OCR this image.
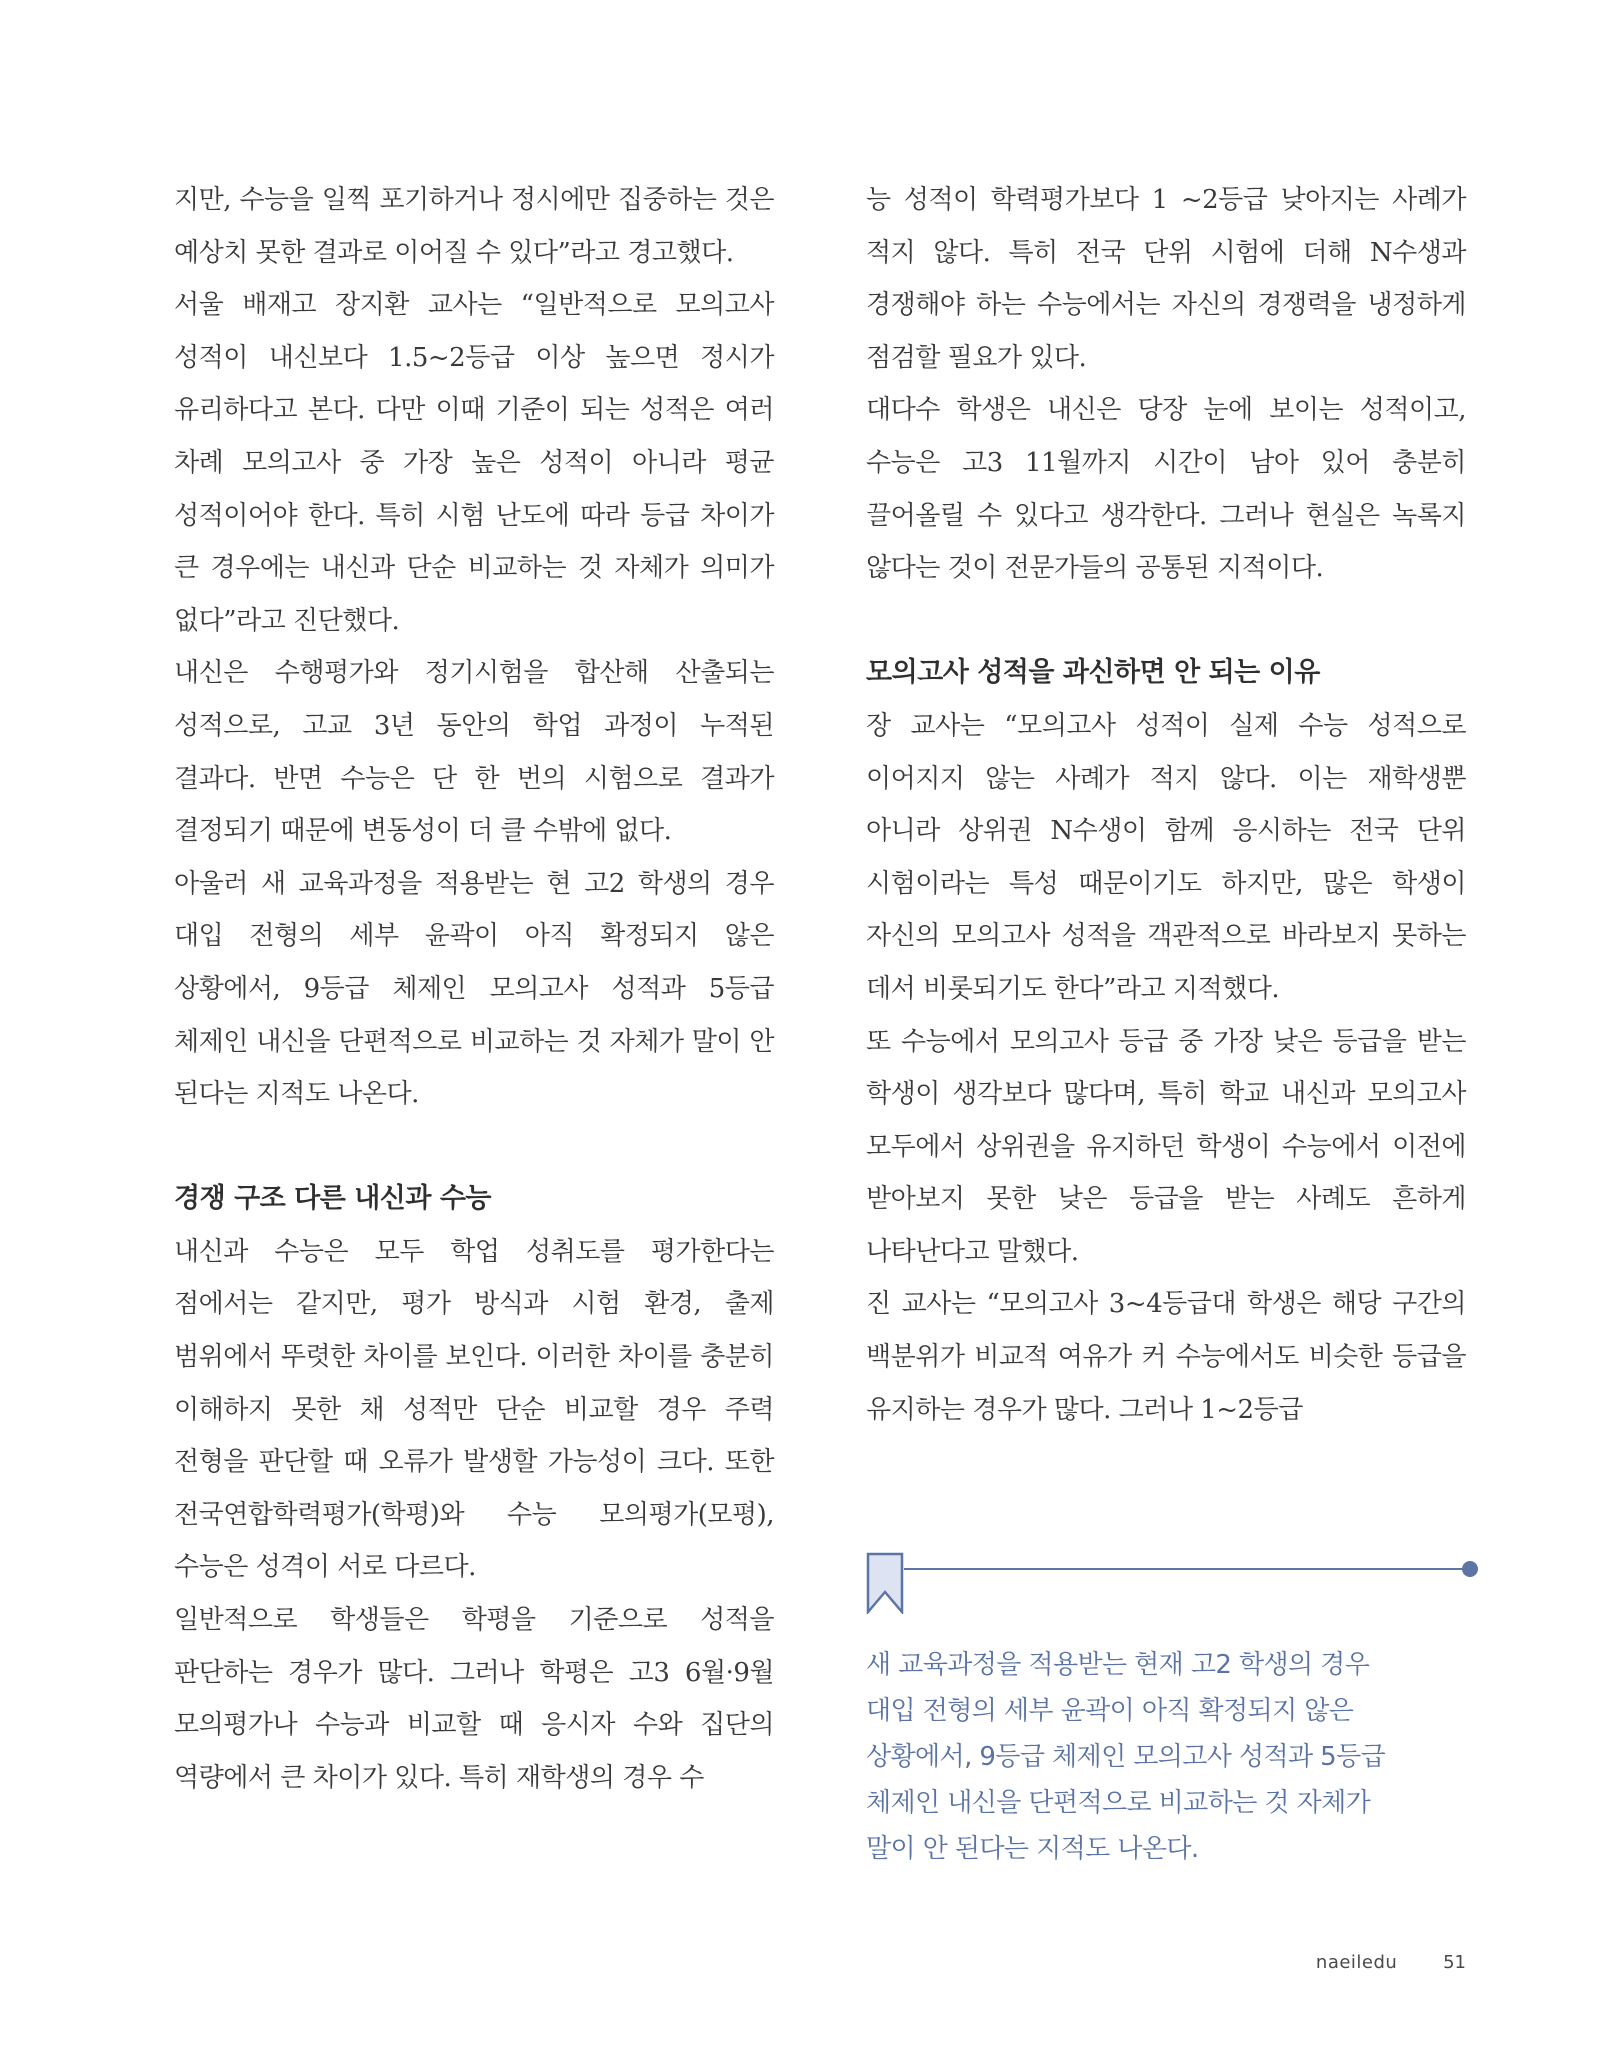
지만, 수능을 일찍 포기하거나 정시에만 집중하는 것은 예상치 못한 결과로 이어질 수 있다”라고 경고했다.

서울 배재고 장지환 교사는 “일반적으로 모의고사 성적이 내신보다 1.5~2등급 이상 높으면 정시가 유리하다고 본다. 다만 이때 기준이 되는 성적은 여러 차례 모의고사 중 가장 높은 성적이 아니라 평균 성적이어야 한다. 특히 시험 난도에 따라 등급 차이가 큰 경우에는 내신과 단순 비교하는 것 자체가 의미가 없다”라고 진단했다.

내신은 수행평가와 정기시험을 합산해 산출되는 성적으로, 고교 3년 동안의 학업 과정이 누적된 결과다. 반면 수능은 단 한 번의 시험으로 결과가 결정되기 때문에 변동성이 더 클 수밖에 없다.

아울러 새 교육과정을 적용받는 현 고2 학생의 경우 대입 전형의 세부 윤곽이 아직 확정되지 않은 상황에서, 9등급 체제인 모의고사 성적과 5등급 체제인 내신을 단편적으로 비교하는 것 자체가 말이 안 된다는 지적도 나온다.

경쟁 구조 다른 내신과 수능

내신과 수능은 모두 학업 성취도를 평가한다는 점에서는 같지만, 평가 방식과 시험 환경, 출제 범위에서 뚜렷한 차이를 보인다. 이러한 차이를 충분히 이해하지 못한 채 성적만 단순 비교할 경우 주력 전형을 판단할 때 오류가 발생할 가능성이 크다. 또한 전국연합학력평가(학평)와 수능 모의평가(모평), 수능은 성격이 서로 다르다.

일반적으로 학생들은 학평을 기준으로 성적을 판단하는 경우가 많다. 그러나 학평은 고3 6월·9월 모의평가나 수능과 비교할 때 응시자 수와 집단의 역량에서 큰 차이가 있다. 특히 재학생의 경우 수

능 성적이 학력평가보다 1 ~2등급 낮아지는 사례가 적지 않다. 특히 전국 단위 시험에 더해 N수생과 경쟁해야 하는 수능에서는 자신의 경쟁력을 냉정하게 점검할 필요가 있다.

대다수 학생은 내신은 당장 눈에 보이는 성적이고, 수능은 고3 11월까지 시간이 남아 있어 충분히 끌어올릴 수 있다고 생각한다. 그러나 현실은 녹록지 않다는 것이 전문가들의 공통된 지적이다.

모의고사 성적을 과신하면 안 되는 이유

장 교사는 “모의고사 성적이 실제 수능 성적으로 이어지지 않는 사례가 적지 않다. 이는 재학생뿐 아니라 상위권 N수생이 함께 응시하는 전국 단위 시험이라는 특성 때문이기도 하지만, 많은 학생이 자신의 모의고사 성적을 객관적으로 바라보지 못하는 데서 비롯되기도 한다”라고 지적했다.

또 수능에서 모의고사 등급 중 가장 낮은 등급을 받는 학생이 생각보다 많다며, 특히 학교 내신과 모의고사 모두에서 상위권을 유지하던 학생이 수능에서 이전에 받아보지 못한 낮은 등급을 받는 사례도 흔하게 나타난다고 말했다.

진 교사는 “모의고사 3~4등급대 학생은 해당 구간의 백분위가 비교적 여유가 커 수능에서도 비슷한 등급을 유지하는 경우가 많다. 그러나 1~2등급

새 교육과정을 적용받는 현재 고2 학생의 경우
대입 전형의 세부 윤곽이 아직 확정되지 않은
상황에서, 9등급 체제인 모의고사 성적과 5등급
체제인 내신을 단편적으로 비교하는 것 자체가
말이 안 된다는 지적도 나온다.

naeiledu	51
